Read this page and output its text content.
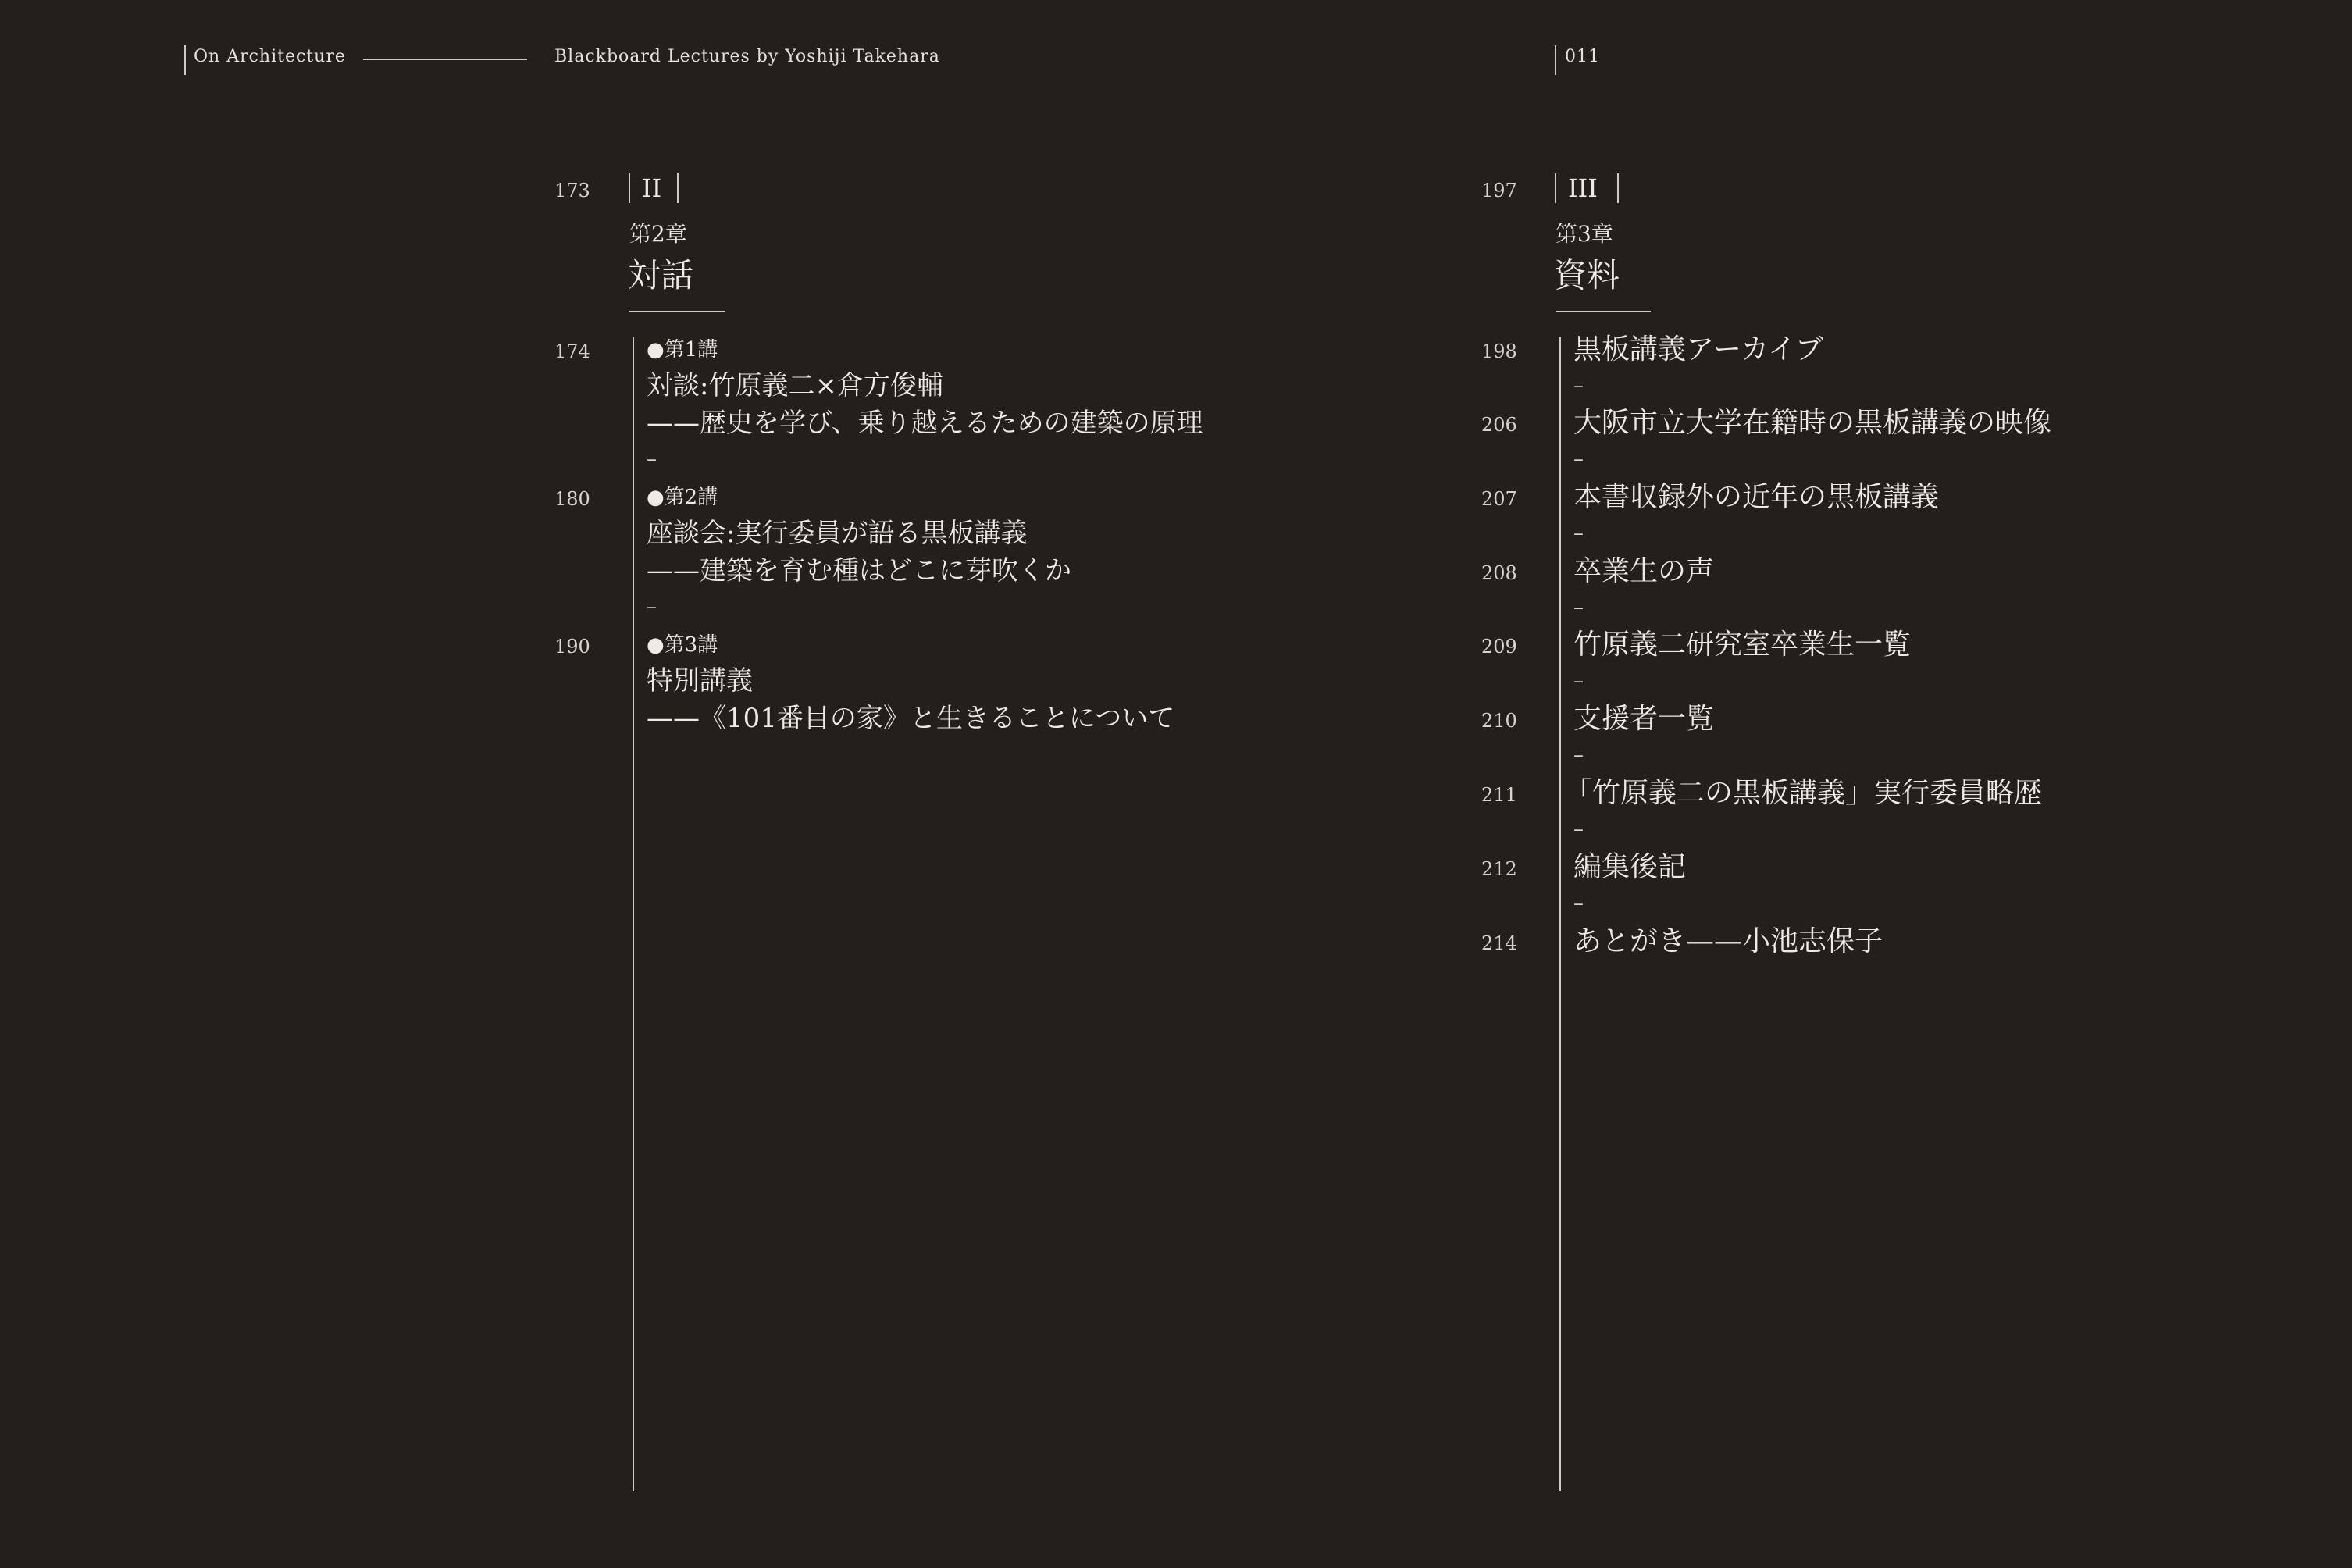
On Architecture	Blackboard Lectures by Yoshiji Takehara	011
173	II
第2章
対話
174	●第1講
対談:竹原義二×倉方俊輔
——歴史を学び、乗り越えるための建築の原理
–
180	●第2講
座談会:実行委員が語る黒板講義
——建築を育む種はどこに芽吹くか
–
190	●第3講
特別講義
——《101番目の家》と生きることについて
197	III
第3章
資料
198	黒板講義アーカイブ
–
206	大阪市立大学在籍時の黒板講義の映像
–
207	本書収録外の近年の黒板講義
–
208	卒業生の声
–
209	竹原義二研究室卒業生一覧
–
210	支援者一覧
–
211	「竹原義二の黒板講義」実行委員略歴
–
212	編集後記
–
214	あとがき——小池志保子
